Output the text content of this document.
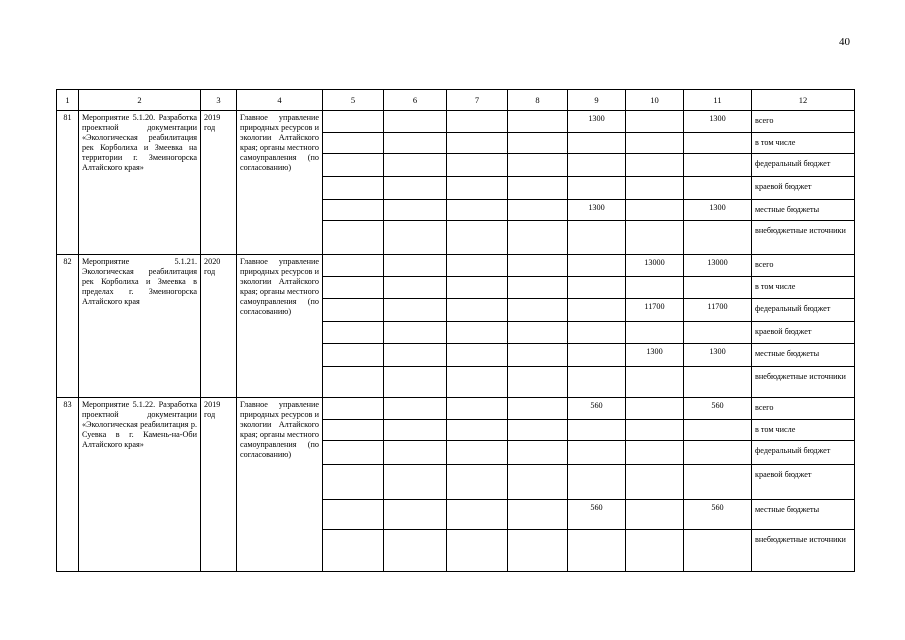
40
1	2	3	4	5	6	7	8	9	10	11	12
81	Мероприятие 5.1.20. Разработка проектной документации «Экологическая реабилитация рек Корболиха и Змеевка на территории г. Змеиногорска Алтайского края»	2019 год	Главное управление природных ресурсов и экологии Алтайского края; органы местного самоуправления (по согласованию)					1300		1300	всего
											в том числе
											федеральный бюджет
											краевой бюджет
								1300		1300	местные бюджеты
											внебюджетные источники
82	Мероприятие 5.1.21. Экологическая реабилитация рек Корболиха и Змеевка в пределах г. Змеиногорска Алтайского края	2020 год	Главное управление природных ресурсов и экологии Алтайского края; органы местного самоуправления (по согласованию)						13000	13000	всего
											в том числе
									11700	11700	федеральный бюджет
											краевой бюджет
									1300	1300	местные бюджеты
											внебюджетные источники
83	Мероприятие 5.1.22. Разработка проектной документации «Экологическая реабилитация р. Суевка в г. Камень-на-Оби Алтайского края»	2019 год	Главное управление природных ресурсов и экологии Алтайского края; органы местного самоуправления (по согласованию)					560		560	всего
											в том числе
											федеральный бюджет
											краевой бюджет
								560		560	местные бюджеты
											внебюджетные источники
